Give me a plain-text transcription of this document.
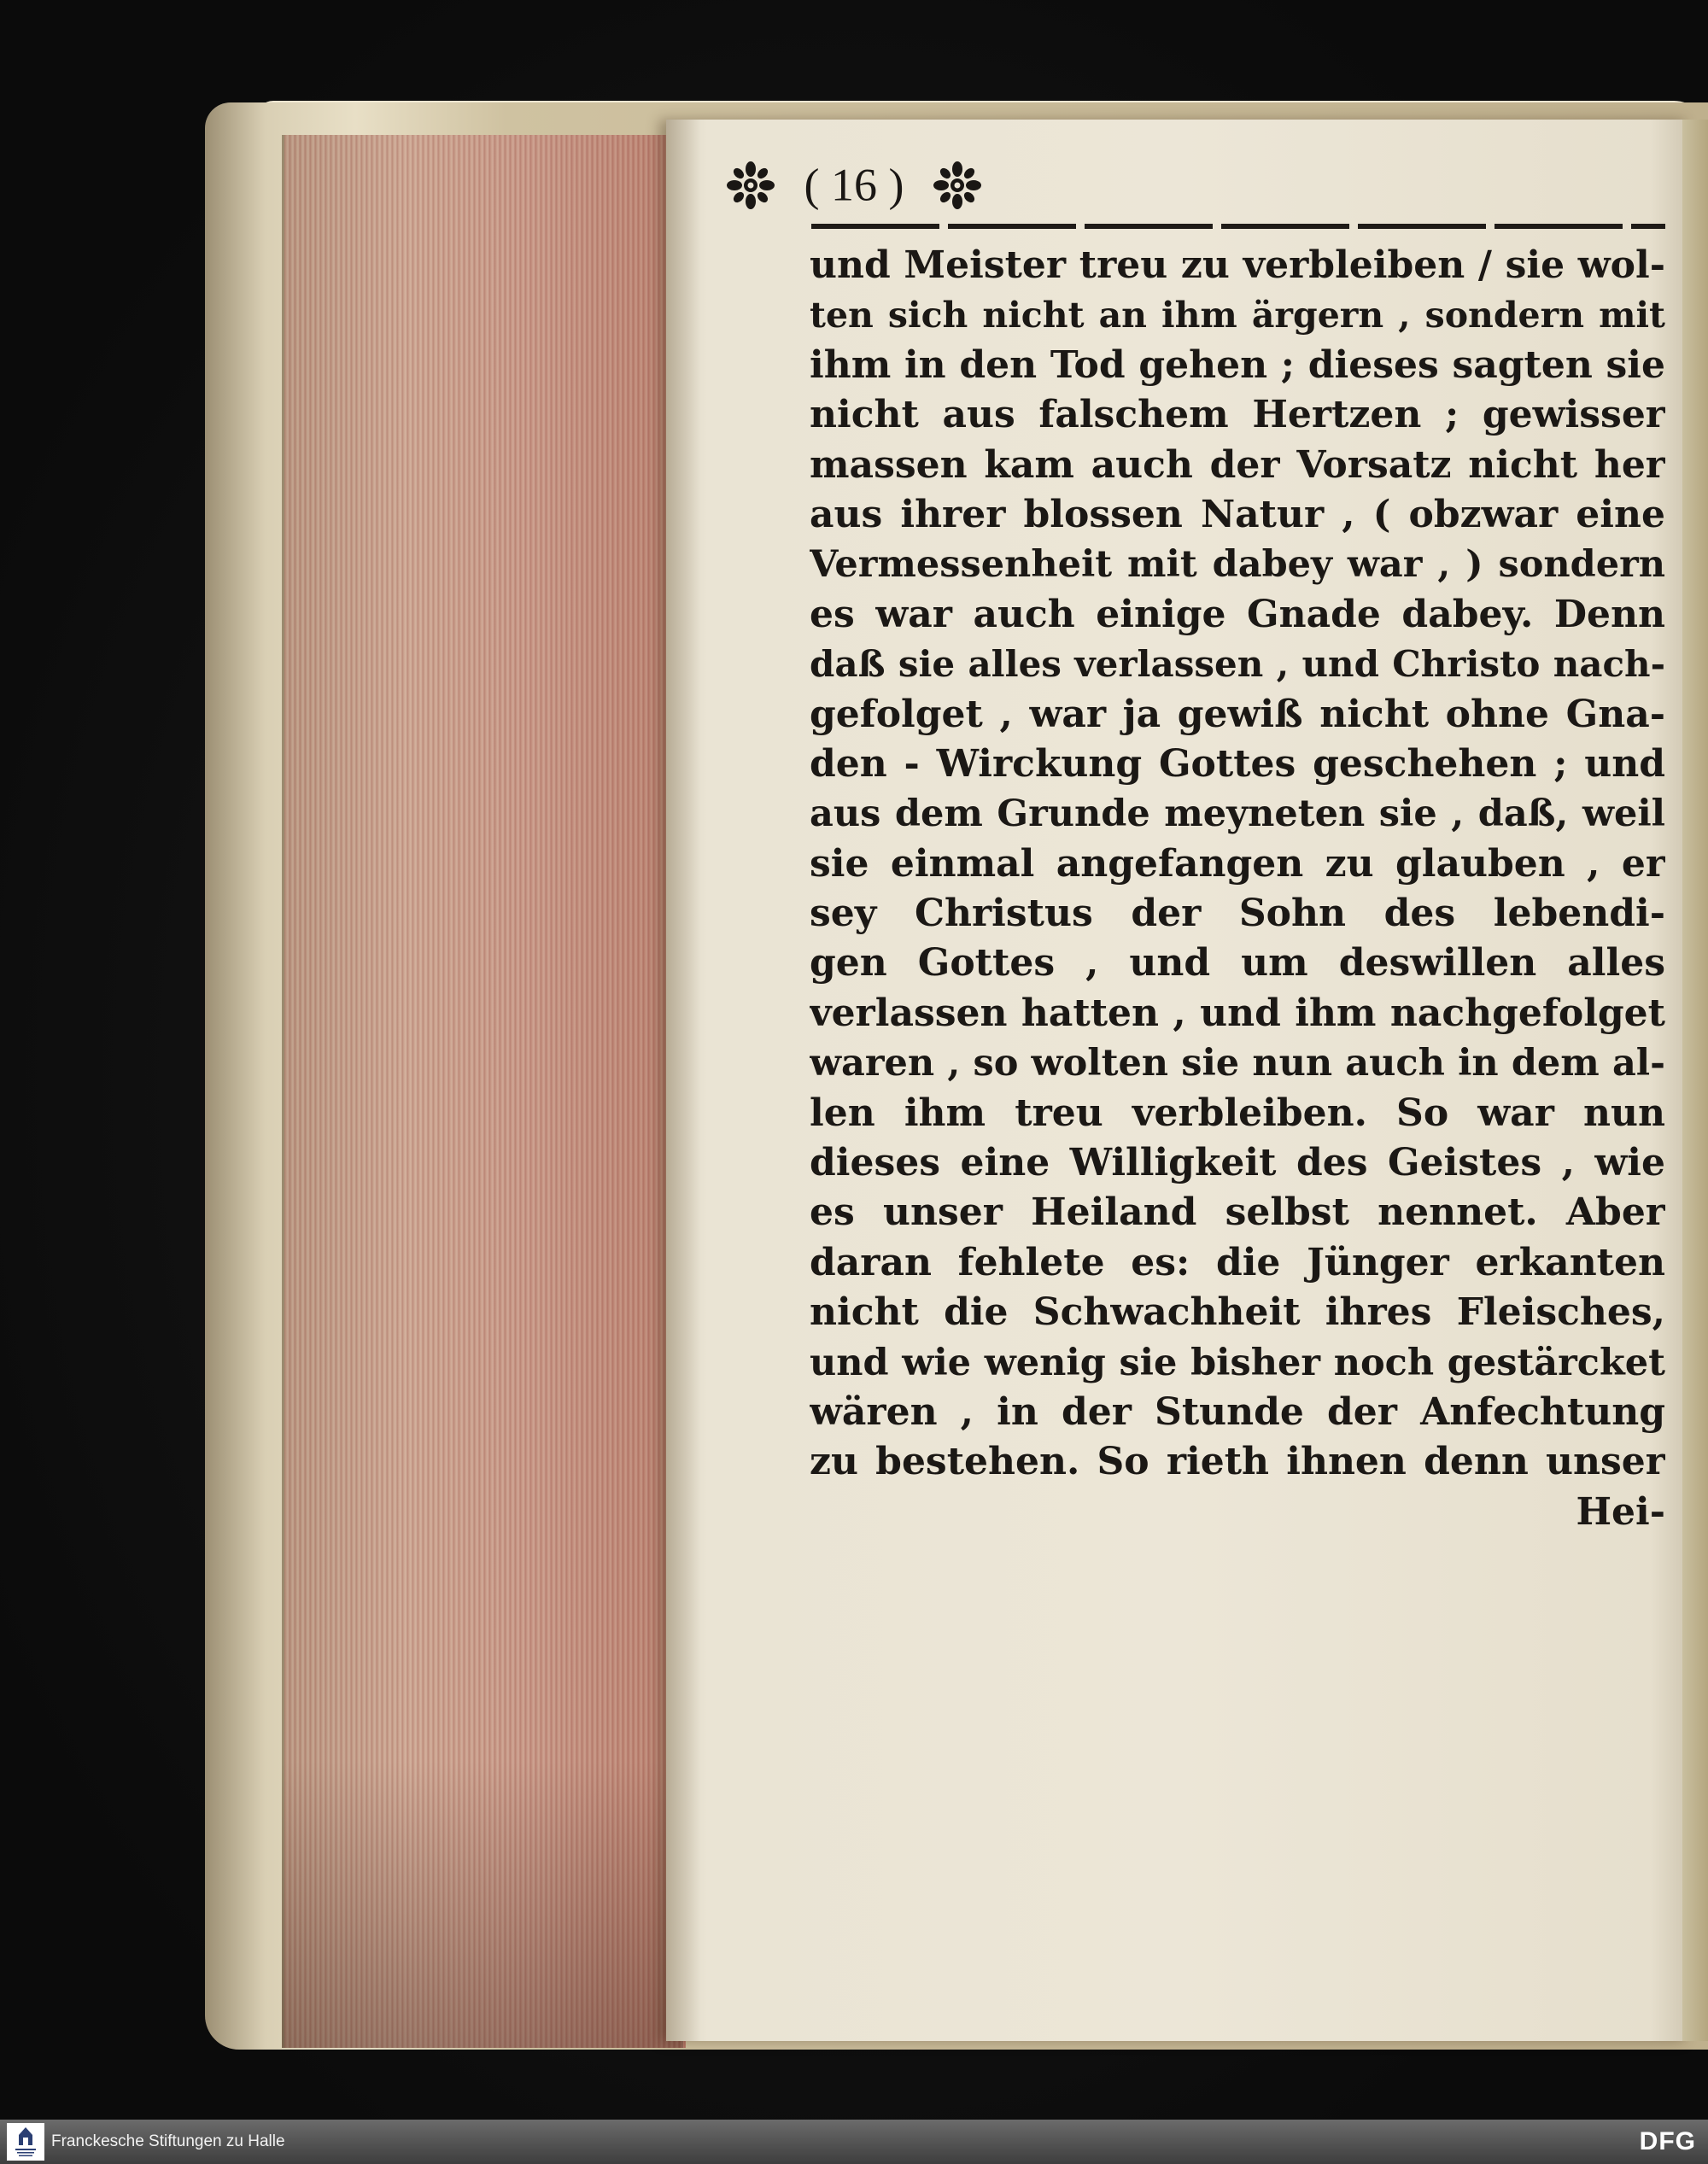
( 16 )
und Meister treu zu verbleiben / sie wol-
ten sich nicht an ihm ärgern , sondern mit
ihm in den Tod gehen ; dieses sagten sie
nicht aus falschem Hertzen ; gewisser
massen kam auch der Vorsatz nicht her
aus ihrer blossen Natur , ( obzwar eine
Vermessenheit mit dabey war , ) sondern
es war auch einige Gnade dabey. Denn
daß sie alles verlassen , und Christo nach-
gefolget , war ja gewiß nicht ohne Gna-
den - Wirckung Gottes geschehen ; und
aus dem Grunde meyneten sie , daß, weil
sie einmal angefangen zu glauben , er
sey Christus der Sohn des lebendi-
gen Gottes , und um deswillen alles
verlassen hatten , und ihm nachgefolget
waren , so wolten sie nun auch in dem al-
len ihm treu verbleiben. So war nun
dieses eine Willigkeit des Geistes , wie
es unser Heiland selbst nennet. Aber
daran fehlete es: die Jünger erkanten
nicht die Schwachheit ihres Fleisches,
und wie wenig sie bisher noch gestärcket
wären , in der Stunde der Anfechtung
zu bestehen. So rieth ihnen denn unser
Hei-
Franckesche Stiftungen zu Halle	DFG
